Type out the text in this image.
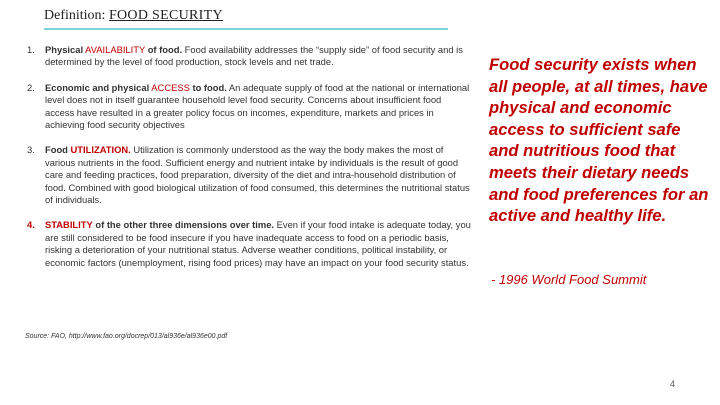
Definition: FOOD SECURITY
1. Physical AVAILABILITY of food. Food availability addresses the “supply side” of food security and is determined by the level of food production, stock levels and net trade.
2. Economic and physical ACCESS to food. An adequate supply of food at the national or international level does not in itself guarantee household level food security. Concerns about insufficient food access have resulted in a greater policy focus on incomes, expenditure, markets and prices in achieving food security objectives
3. Food UTILIZATION. Utilization is commonly understood as the way the body makes the most of various nutrients in the food. Sufficient energy and nutrient intake by individuals is the result of good care and feeding practices, food preparation, diversity of the diet and intra-household distribution of food. Combined with good biological utilization of food consumed, this determines the nutritional status of individuals.
4. STABILITY of the other three dimensions over time. Even if your food intake is adequate today, you are still considered to be food insecure if you have inadequate access to food on a periodic basis, risking a deterioration of your nutritional status. Adverse weather conditions, political instability, or economic factors (unemployment, rising food prices) may have an impact on your food security status.
Food security exists when all people, at all times, have physical and economic access to sufficient safe and nutritious food that meets their dietary needs and food preferences for an active and healthy life.
- 1996 World Food Summit
Source: FAO, http://www.fao.org/docrep/013/al936e/al936e00.pdf
4
